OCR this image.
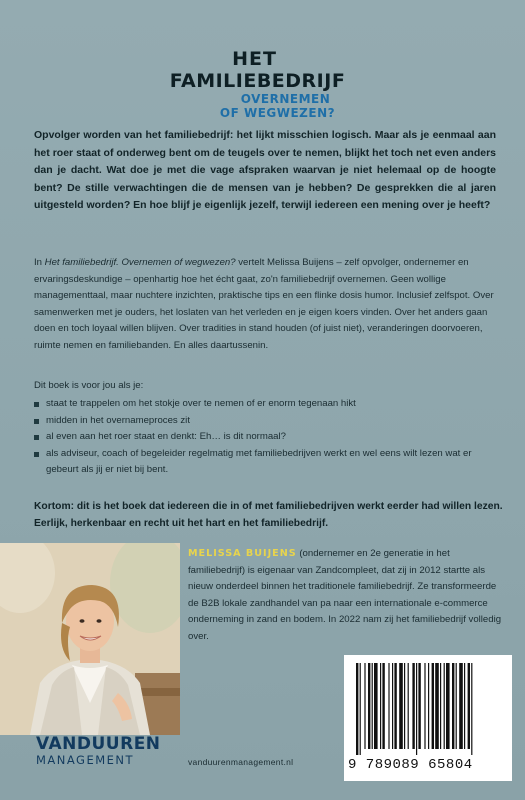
HET
FAMILIEBEDRIJF
OVERNEMEN
OF WEGWEZEN?
Opvolger worden van het familiebedrijf: het lijkt misschien logisch. Maar als je eenmaal aan het roer staat of onderweg bent om de teugels over te nemen, blijkt het toch net even anders dan je dacht. Wat doe je met die vage afspraken waarvan je niet helemaal op de hoogte bent? De stille verwachtingen die de mensen van je hebben? De gesprekken die al jaren uitgesteld worden? En hoe blijf je eigenlijk jezelf, terwijl iedereen een mening over je heeft?
In Het familiebedrijf. Overnemen of wegwezen? vertelt Melissa Buijens – zelf opvolger, ondernemer en ervaringsdeskundige – openhartig hoe het écht gaat, zo'n familiebedrijf overnemen. Geen wollige managementtaal, maar nuchtere inzichten, praktische tips en een flinke dosis humor. Inclusief zelfspot. Over samenwerken met je ouders, het loslaten van het verleden en je eigen koers vinden. Over het anders gaan doen en toch loyaal willen blijven. Over tradities in stand houden (of juist niet), veranderingen doorvoeren, ruimte nemen en familiebanden. En alles daartussenin.
Dit boek is voor jou als je:
staat te trappelen om het stokje over te nemen of er enorm tegenaan hikt
midden in het overnameproces zit
al even aan het roer staat en denkt: Eh… is dit normaal?
als adviseur, coach of begeleider regelmatig met familiebedrijven werkt en wel eens wilt lezen wat er gebeurt als jij er niet bij bent.
Kortom: dit is het boek dat iedereen die in of met familiebedrijven werkt eerder had willen lezen. Eerlijk, herkenbaar en recht uit het hart en het familiebedrijf.
MELISSA BUIJENS (ondernemer en 2e generatie in het familiebedrijf) is eigenaar van Zandcompleet, dat zij in 2012 startte als nieuw onderdeel binnen het traditionele familiebedrijf. Ze transformeerde de B2B lokale zandhandel van pa naar een internationale e-commerce onderneming in zand en bodem. In 2022 nam zij het familiebedrijf volledig over.
VANDUUREN
MANAGEMENT	vanduurenmanagement.nl	9 789089 65804
